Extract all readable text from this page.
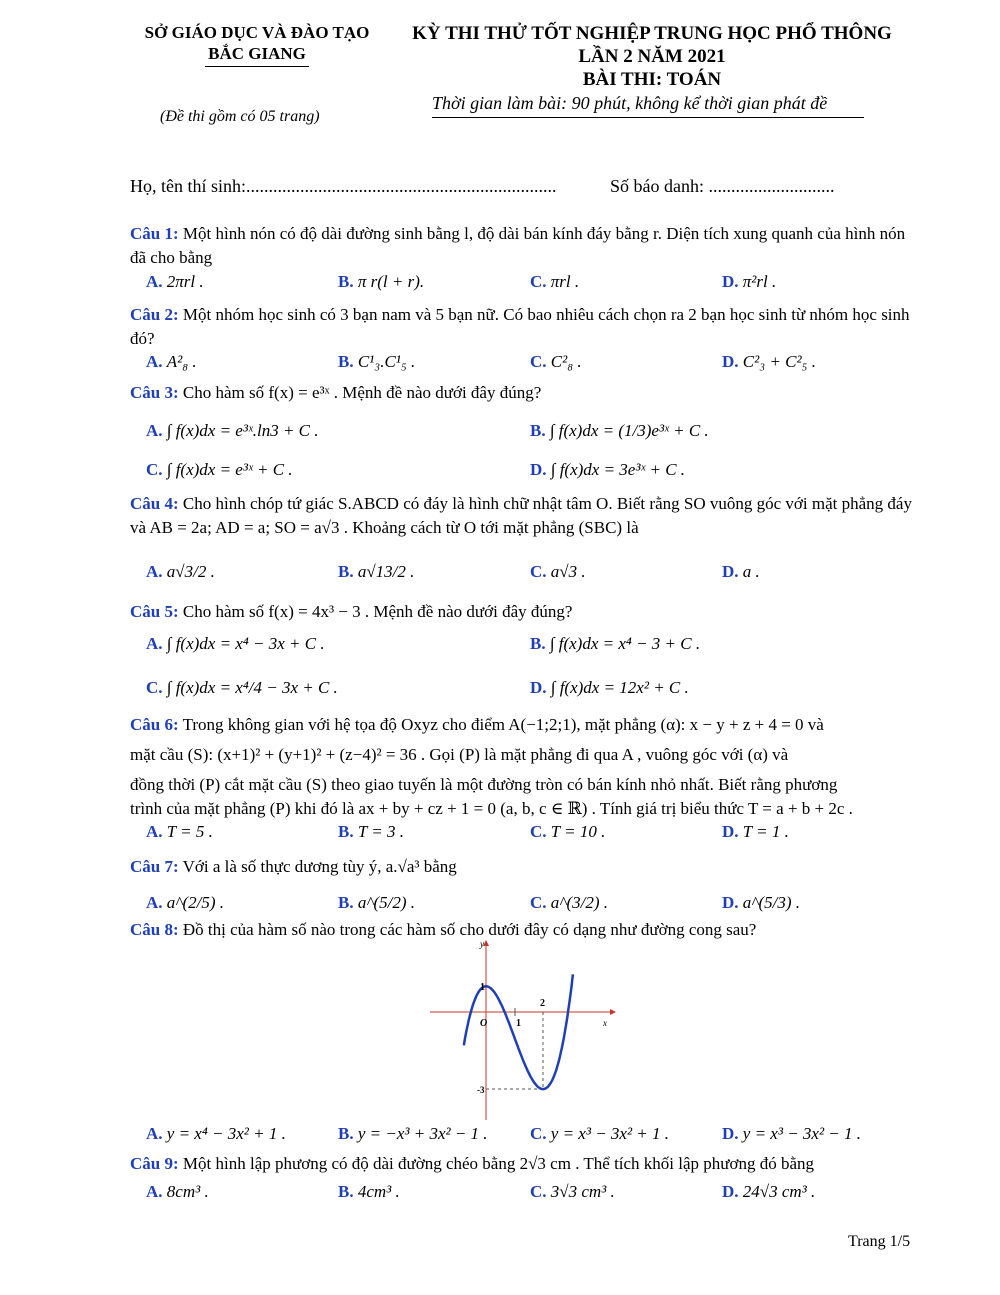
SỞ GIÁO DỤC VÀ ĐÀO TẠO
BẮC GIANG
(Đề thi gồm có 05 trang)
KỲ THI THỬ TỐT NGHIỆP TRUNG HỌC PHỔ THÔNG
LẦN 2 NĂM 2021
BÀI THI: TOÁN
Thời gian làm bài: 90 phút, không kể thời gian phát đề
Họ, tên thí sinh:.....................................................................	Số báo danh: ............................
Câu 1: Một hình nón có độ dài đường sinh bằng l, độ dài bán kính đáy bằng r. Diện tích xung quanh của hình nón đã cho bằng
A. 2πrl .	B. π r(l + r).	C. πrl .	D. π²rl .
Câu 2: Một nhóm học sinh có 3 bạn nam và 5 bạn nữ. Có bao nhiêu cách chọn ra 2 bạn học sinh từ nhóm học sinh đó?
A. A²₈ .	B. C¹₃.C¹₅ .	C. C²₈ .	D. C²₃ + C²₅ .
Câu 3: Cho hàm số f(x) = e³ˣ . Mệnh đề nào dưới đây đúng?
A. ∫ f(x)dx = e³ˣ.ln3 + C .	B. ∫ f(x)dx = (1/3)e³ˣ + C .
C. ∫ f(x)dx = e³ˣ + C .	D. ∫ f(x)dx = 3e³ˣ + C .
Câu 4: Cho hình chóp tứ giác S.ABCD có đáy là hình chữ nhật tâm O. Biết rằng SO vuông góc với mặt phẳng đáy và AB = 2a; AD = a; SO = a√3 . Khoảng cách từ O tới mặt phẳng (SBC) là
A. a√3/2 .	B. a√13/2 .	C. a√3 .	D. a .
Câu 5: Cho hàm số f(x) = 4x³ − 3 . Mệnh đề nào dưới đây đúng?
A. ∫ f(x)dx = x⁴ − 3x + C .	B. ∫ f(x)dx = x⁴ − 3 + C .
C. ∫ f(x)dx = x⁴/4 − 3x + C .	D. ∫ f(x)dx = 12x² + C .
Câu 6: Trong không gian với hệ tọa độ Oxyz cho điểm A(−1;2;1), mặt phẳng (α): x − y + z + 4 = 0 và
mặt cầu (S): (x+1)² + (y+1)² + (z−4)² = 36 . Gọi (P) là mặt phẳng đi qua A , vuông góc với (α) và
đồng thời (P) cắt mặt cầu (S) theo giao tuyến là một đường tròn có bán kính nhỏ nhất. Biết rằng phương
trình của mặt phẳng (P) khi đó là ax + by + cz + 1 = 0 (a, b, c ∈ ℝ) . Tính giá trị biểu thức T = a + b + 2c .
A. T = 5 .	B. T = 3 .	C. T = 10 .	D. T = 1 .
Câu 7: Với a là số thực dương tùy ý, a.√a³ bằng
A. a^(2/5) .	B. a^(5/2) .	C. a^(3/2) .	D. a^(5/3) .
Câu 8: Đồ thị của hàm số nào trong các hàm số cho dưới đây có dạng như đường cong sau?
y
x
O
1
-3
1
2
A. y = x⁴ − 3x² + 1 .	B. y = −x³ + 3x² − 1 . C. y = x³ − 3x² + 1 .	D. y = x³ − 3x² − 1 .
Câu 9: Một hình lập phương có độ dài đường chéo bằng 2√3 cm . Thể tích khối lập phương đó bằng
A. 8cm³ .	B. 4cm³ .	C. 3√3 cm³ .	D. 24√3 cm³ .
Trang 1/5
